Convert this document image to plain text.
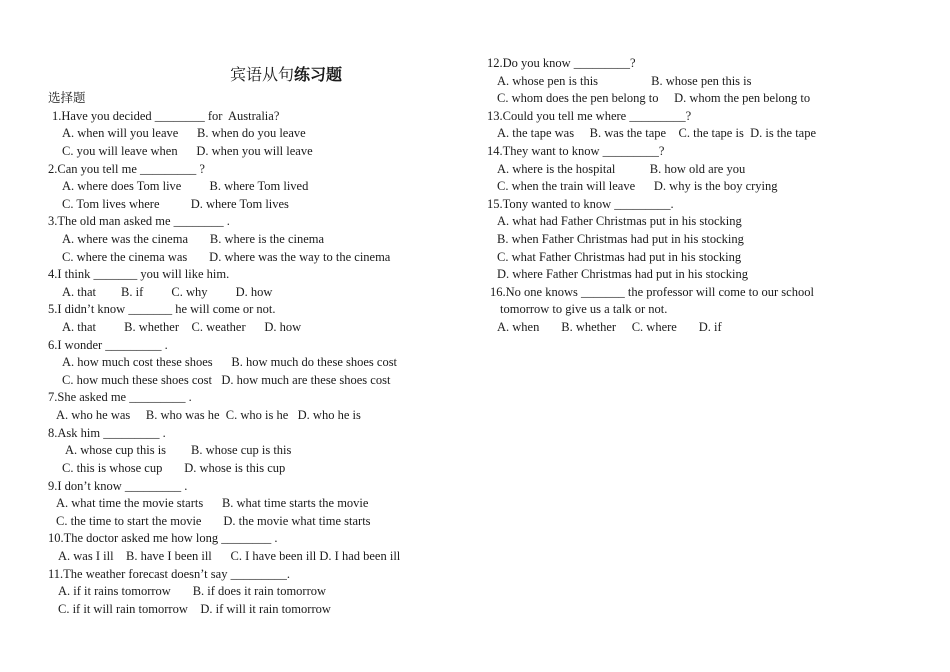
宾语从句练习题
选择题
1.Have you decided ________ for  Australia?
A. when will you leave      B. when do you leave
C. you will leave when      D. when you will leave
2.Can you tell me _________ ?
A. where does Tom live         B. where Tom lived
C. Tom lives where          D. where Tom lives
3.The old man asked me ________ .
A. where was the cinema       B. where is the cinema
C. where the cinema was       D. where was the way to the cinema
4.I think _______ you will like him.
A. that        B. if         C. why         D. how
5.I didn’t know _______ he will come or not.
A. that         B. whether    C. weather      D. how
6.I wonder _________ .
A. how much cost these shoes      B. how much do these shoes cost
C. how much these shoes cost   D. how much are these shoes cost
7.She asked me _________ .
A. who he was     B. who was he  C. who is he   D. who he is
8.Ask him _________ .
A. whose cup this is        B. whose cup is this
C. this is whose cup       D. whose is this cup
9.I don’t know _________ .
A. what time the movie starts      B. what time starts the movie
C. the time to start the movie       D. the movie what time starts
10.The doctor asked me how long ________ .
A. was I ill    B. have I been ill      C. I have been ill D. I had been ill
11.The weather forecast doesn’t say _________.
A. if it rains tomorrow       B. if does it rain tomorrow
C. if it will rain tomorrow    D. if will it rain tomorrow
12.Do you know _________?
A. whose pen is this                 B. whose pen this is
C. whom does the pen belong to     D. whom the pen belong to
13.Could you tell me where _________?
A. the tape was     B. was the tape    C. the tape is  D. is the tape
14.They want to know _________?
A. where is the hospital           B. how old are you
C. when the train will leave      D. why is the boy crying
15.Tony wanted to know _________.
A. what had Father Christmas put in his stocking
B. when Father Christmas had put in his stocking
C. what Father Christmas had put in his stocking
D. where Father Christmas had put in his stocking
16.No one knows _______ the professor will come to our school
tomorrow to give us a talk or not.
A. when       B. whether     C. where       D. if
